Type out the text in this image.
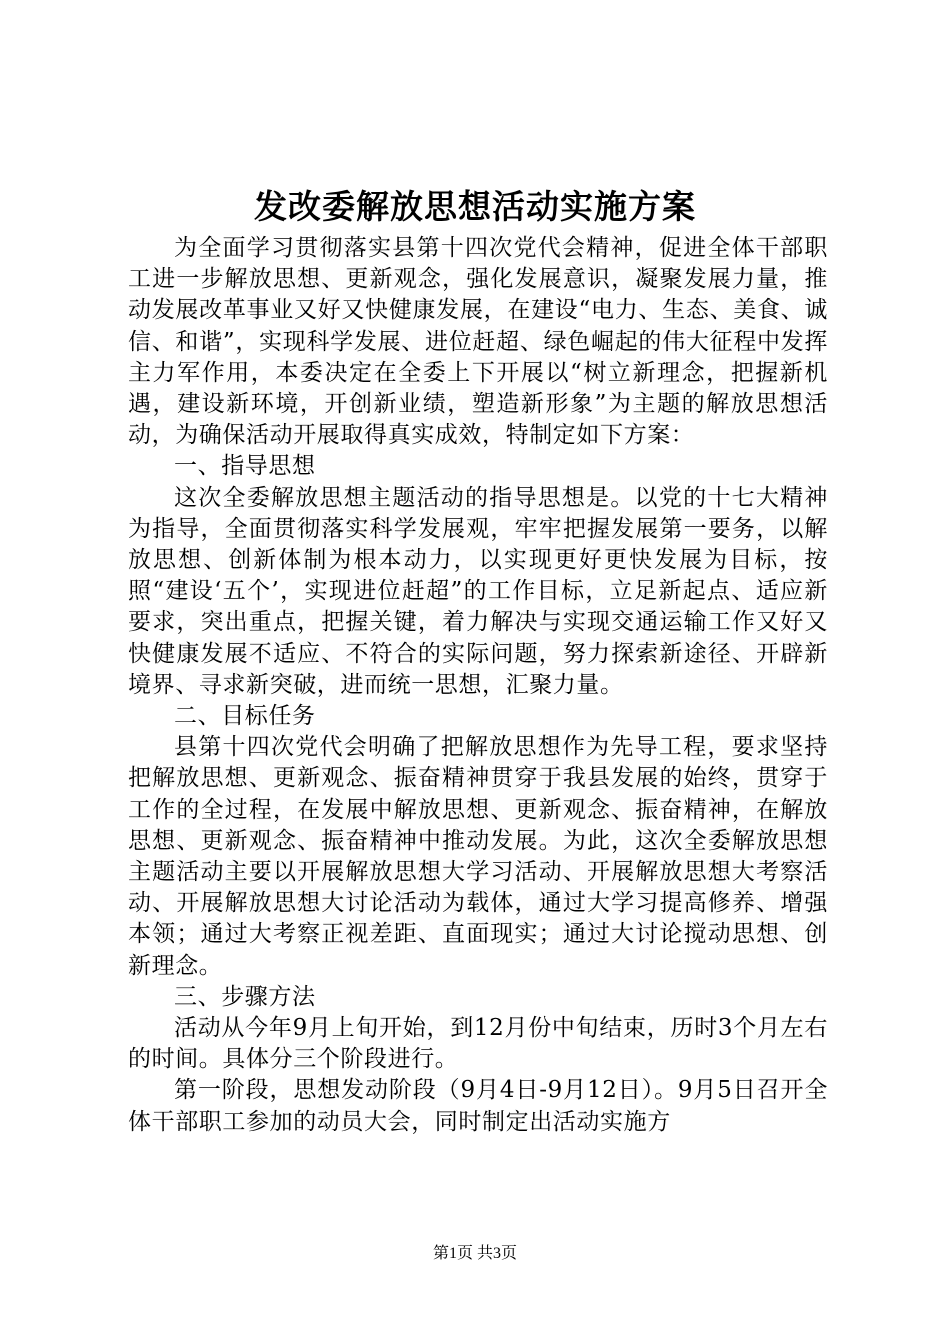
发改委解放思想活动实施方案

为全面学习贯彻落实县第十四次党代会精神，促进全体干部职工进一步解放思想、更新观念，强化发展意识，凝聚发展力量，推动发展改革事业又好又快健康发展，在建设“电力、生态、美食、诚信、和谐”，实现科学发展、进位赶超、绿色崛起的伟大征程中发挥主力军作用，本委决定在全委上下开展以“树立新理念，把握新机遇，建设新环境，开创新业绩，塑造新形象”为主题的解放思想活动，为确保活动开展取得真实成效，特制定如下方案：

一、指导思想

这次全委解放思想主题活动的指导思想是。以党的十七大精神为指导，全面贯彻落实科学发展观，牢牢把握发展第一要务，以解放思想、创新体制为根本动力，以实现更好更快发展为目标，按照“建设‘五个’，实现进位赶超”的工作目标，立足新起点、适应新要求，突出重点，把握关键，着力解决与实现交通运输工作又好又快健康发展不适应、不符合的实际问题，努力探索新途径、开辟新境界、寻求新突破，进而统一思想，汇聚力量。

二、目标任务

县第十四次党代会明确了把解放思想作为先导工程，要求坚持把解放思想、更新观念、振奋精神贯穿于我县发展的始终，贯穿于工作的全过程，在发展中解放思想、更新观念、振奋精神，在解放思想、更新观念、振奋精神中推动发展。为此，这次全委解放思想主题活动主要以开展解放思想大学习活动、开展解放思想大考察活动、开展解放思想大讨论活动为载体，通过大学习提高修养、增强本领；通过大考察正视差距、直面现实；通过大讨论搅动思想、创新理念。

三、步骤方法

活动从今年9月上旬开始，到12月份中旬结束，历时3个月左右的时间。具体分三个阶段进行。

第一阶段，思想发动阶段（9月4日-9月12日）。9月5日召开全体干部职工参加的动员大会，同时制定出活动实施方

第1页 共3页
